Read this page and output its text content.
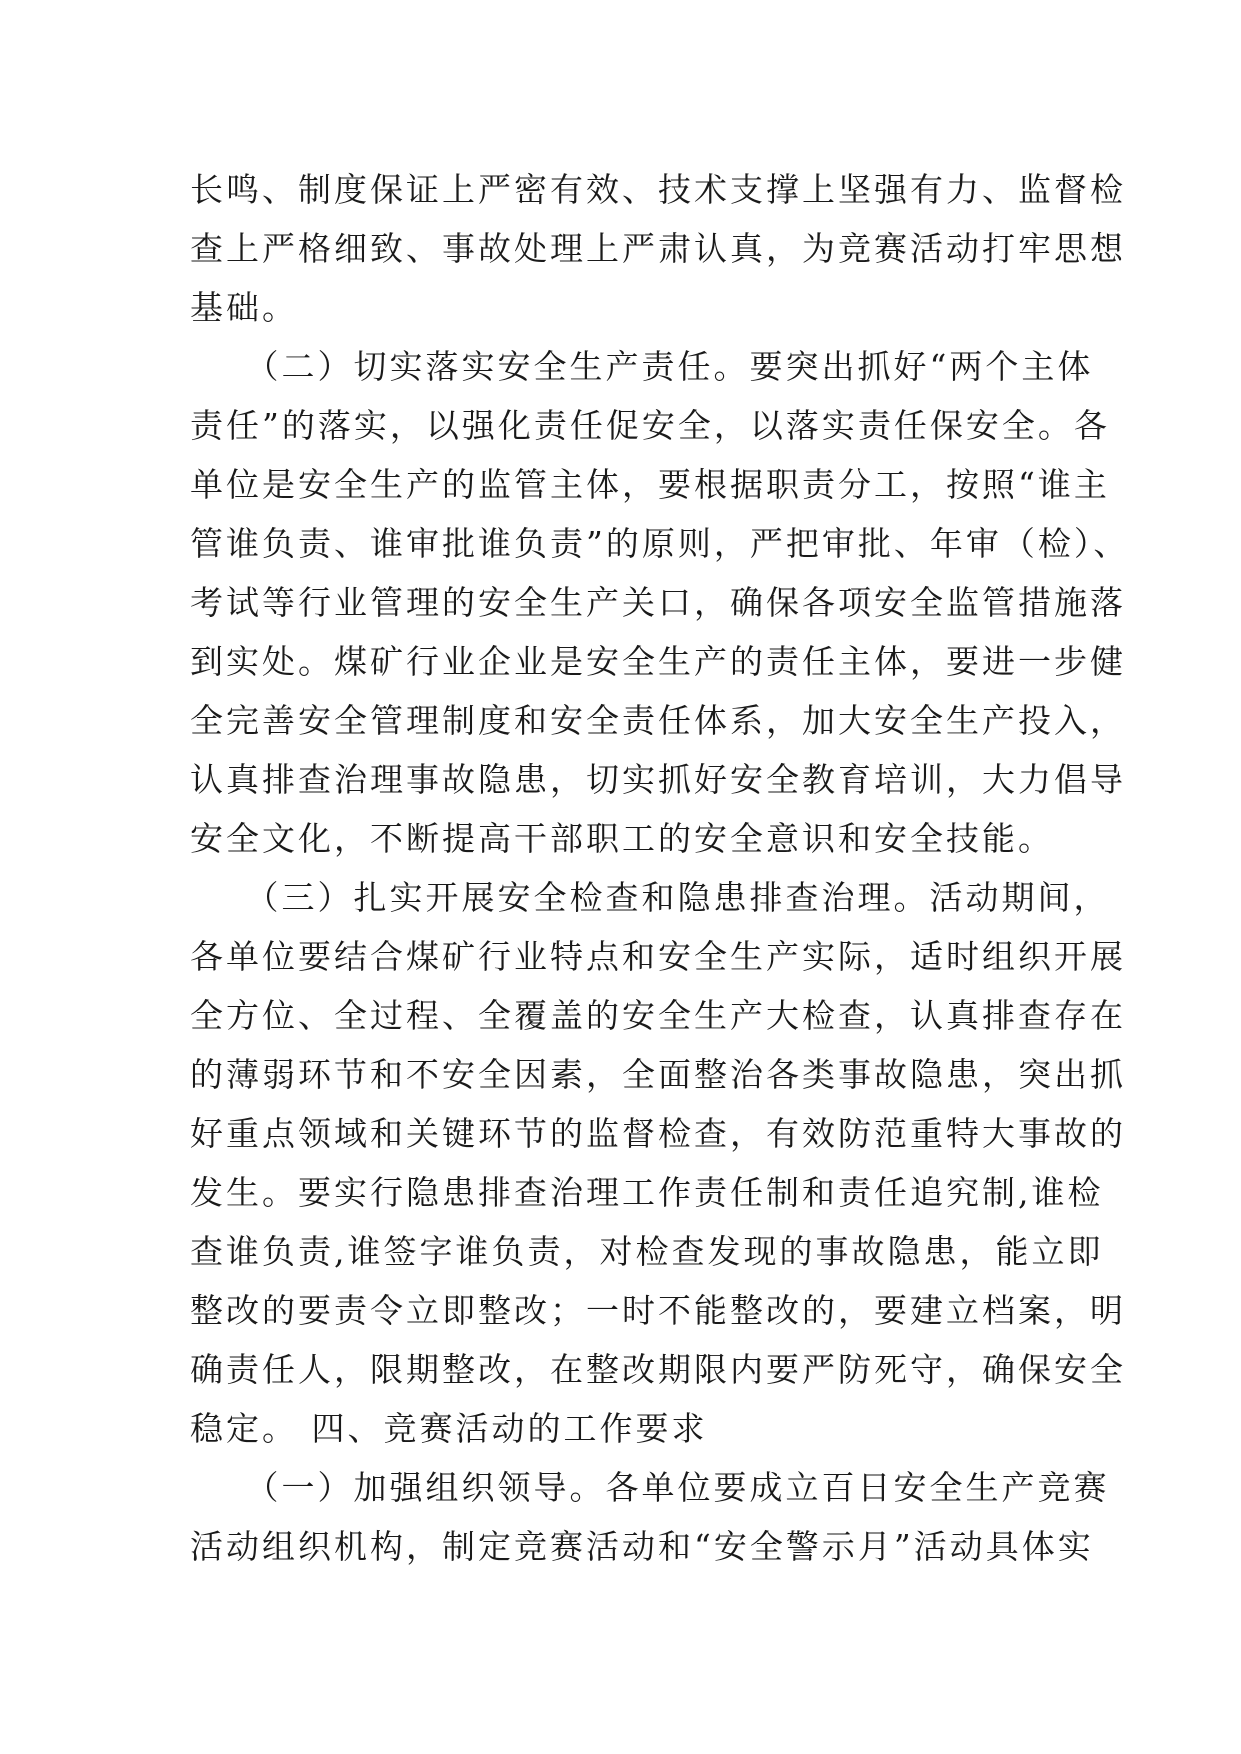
长鸣、制度保证上严密有效、技术支撑上坚强有力、监督检
查上严格细致、事故处理上严肃认真，为竞赛活动打牢思想
基础。
　　（二）切实落实安全生产责任。要突出抓好“两个主体
责任”的落实，以强化责任促安全，以落实责任保安全。各
单位是安全生产的监管主体，要根据职责分工，按照“谁主
管谁负责、谁审批谁负责”的原则，严把审批、年审（检）、
考试等行业管理的安全生产关口，确保各项安全监管措施落
到实处。煤矿行业企业是安全生产的责任主体，要进一步健
全完善安全管理制度和安全责任体系，加大安全生产投入，
认真排查治理事故隐患，切实抓好安全教育培训，大力倡导
安全文化，不断提高干部职工的安全意识和安全技能。
　　（三）扎实开展安全检查和隐患排查治理。活动期间，
各单位要结合煤矿行业特点和安全生产实际，适时组织开展
全方位、全过程、全覆盖的安全生产大检查，认真排查存在
的薄弱环节和不安全因素，全面整治各类事故隐患，突出抓
好重点领域和关键环节的监督检查，有效防范重特大事故的
发生。要实行隐患排查治理工作责任制和责任追究制,谁检
查谁负责,谁签字谁负责，对检查发现的事故隐患，能立即
整改的要责令立即整改；一时不能整改的，要建立档案，明
确责任人，限期整改，在整改期限内要严防死守，确保安全
稳定。 四、竞赛活动的工作要求
　　（一）加强组织领导。各单位要成立百日安全生产竞赛
活动组织机构，制定竞赛活动和“安全警示月”活动具体实
